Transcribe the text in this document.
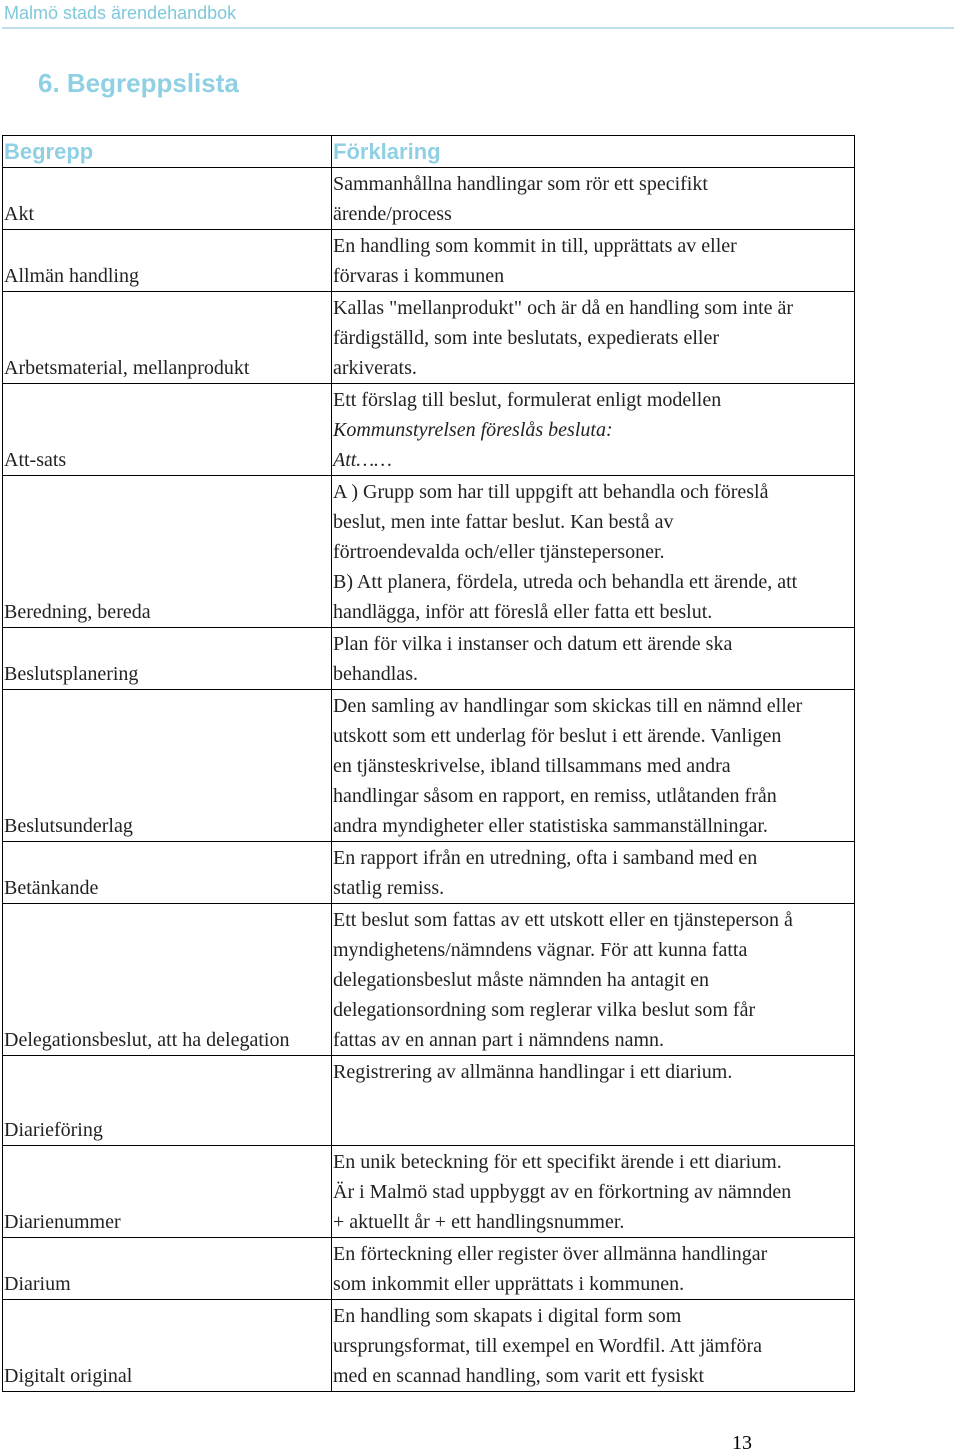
Malmö stads ärendehandbok
6. Begreppslista
Begrepp	Förklaring
Akt	Sammanhållna handlingar som rör ett specifikt
ärende/process

Allmän handling	En handling som kommit in till, upprättats av eller
förvaras i kommunen

Arbetsmaterial, mellanprodukt	Kallas "mellanprodukt" och är då en handling som inte är
färdigställd, som inte beslutats, expedierats eller
arkiverats.

Att-sats	Ett förslag till beslut, formulerat enligt modellen
Kommunstyrelsen föreslås besluta:
Att……

Beredning, bereda	A ) Grupp som har till uppgift att behandla och föreslå
beslut, men inte fattar beslut. Kan bestå av
förtroendevalda och/eller tjänstepersoner.
B) Att planera, fördela, utreda och behandla ett ärende, att
handlägga, inför att föreslå eller fatta ett beslut.

Beslutsplanering	Plan för vilka i instanser och datum ett ärende ska
behandlas.

Beslutsunderlag	Den samling av handlingar som skickas till en nämnd eller
utskott som ett underlag för beslut i ett ärende. Vanligen
en tjänsteskrivelse, ibland tillsammans med andra
handlingar såsom en rapport, en remiss, utlåtanden från
andra myndigheter eller statistiska sammanställningar.

Betänkande	En rapport ifrån en utredning, ofta i samband med en
statlig remiss.

Delegationsbeslut, att ha delegation	Ett beslut som fattas av ett utskott eller en tjänsteperson å
myndighetens/nämndens vägnar. För att kunna fatta
delegationsbeslut måste nämnden ha antagit en
delegationsordning som reglerar vilka beslut som får
fattas av en annan part i nämndens namn.

Diarieföring	Registrering av allmänna handlingar i ett diarium.

Diarienummer	En unik beteckning för ett specifikt ärende i ett diarium.
Är i Malmö stad uppbyggt av en förkortning av nämnden
+ aktuellt år + ett handlingsnummer.

Diarium	En förteckning eller register över allmänna handlingar
som inkommit eller upprättats i kommunen.

Digitalt original	En handling som skapats i digital form som
ursprungsformat, till exempel en Wordfil. Att jämföra
med en scannad handling, som varit ett fysiskt
13
